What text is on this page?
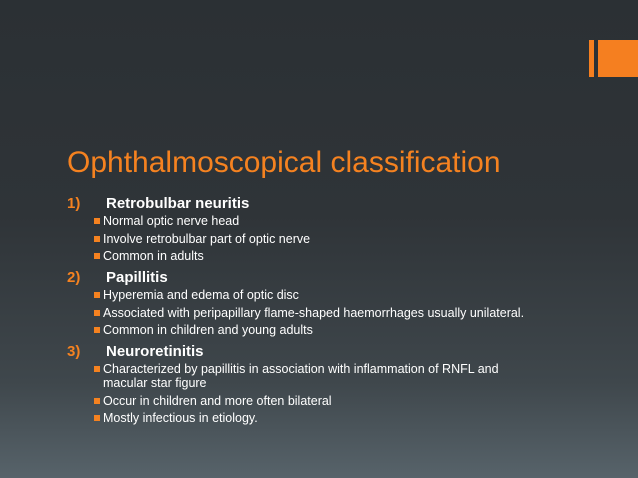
Ophthalmoscopical classification
1)	Retrobulbar neuritis
Normal optic nerve head
Involve retrobulbar part of optic nerve
Common in adults
2)	Papillitis
Hyperemia and edema of optic disc
Associated with peripapillary flame-shaped haemorrhages usually unilateral.
Common in children and young adults
3)	Neuroretinitis
Characterized by papillitis in association with inflammation of RNFL and macular star figure
Occur in children and more often bilateral
Mostly infectious in etiology.
